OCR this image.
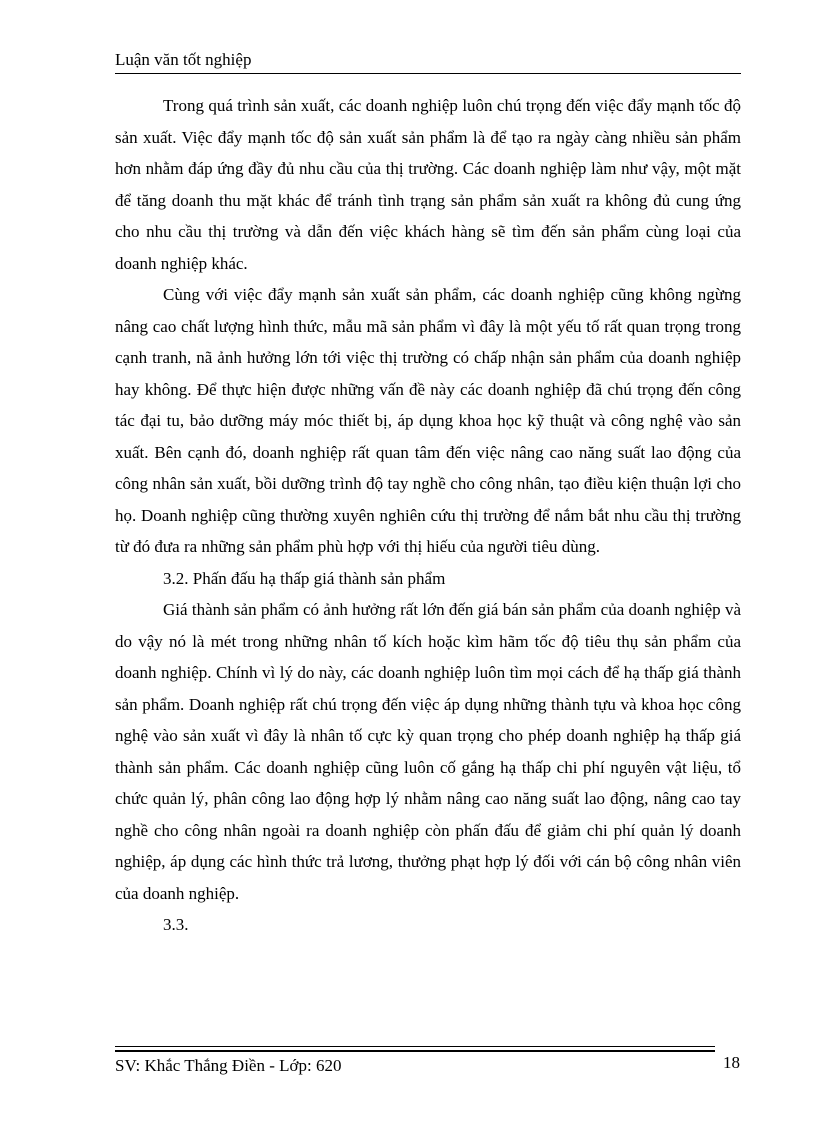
Luận văn tốt nghiệp

Trong quá trình sản xuất, các doanh nghiệp luôn chú trọng đến việc đẩy mạnh tốc độ sản xuất. Việc đẩy mạnh tốc độ sản xuất sản phẩm là để tạo ra ngày càng nhiều sản phẩm hơn nhằm đáp ứng đầy đủ nhu cầu của thị trường. Các doanh nghiệp làm như vậy, một mặt để tăng doanh thu mặt khác để tránh tình trạng sản phẩm sản xuất ra không đủ cung ứng cho nhu cầu thị trường và dẫn đến việc khách hàng sẽ tìm đến sản phẩm cùng loại của doanh nghiệp khác.

Cùng với việc đẩy mạnh sản xuất sản phẩm, các doanh nghiệp cũng không ngừng nâng cao chất lượng hình thức, mẫu mã sản phẩm vì đây là một yếu tố rất quan trọng trong cạnh tranh, nã ảnh hưởng lớn tới việc thị trường có chấp nhận sản phẩm của doanh nghiệp hay không. Để thực hiện được những vấn đề này các doanh nghiệp đã chú trọng đến công tác đại tu, bảo dưỡng máy móc thiết bị, áp dụng khoa học kỹ thuật và công nghệ vào sản xuất. Bên cạnh đó, doanh nghiệp rất quan tâm đến việc nâng cao năng suất lao động của công nhân sản xuất, bồi dưỡng trình độ tay nghề cho công nhân, tạo điều kiện thuận lợi cho họ. Doanh nghiệp cũng thường xuyên nghiên cứu thị trường để nắm bắt nhu cầu thị trường từ đó đưa ra những sản phẩm phù hợp với thị hiếu của người tiêu dùng.

3.2. Phấn đấu hạ thấp giá thành sản phẩm

Giá thành sản phẩm có ảnh hưởng rất lớn đến giá bán sản phẩm của doanh nghiệp và do vậy nó là mét trong những nhân tố kích hoặc kìm hãm tốc độ tiêu thụ sản phẩm của doanh nghiệp. Chính vì lý do này, các doanh nghiệp luôn tìm mọi cách để hạ thấp giá thành sản phẩm. Doanh nghiệp rất chú trọng đến việc áp dụng những thành tựu và khoa học công nghệ vào sản xuất vì đây là nhân tố cực kỳ quan trọng cho phép doanh nghiệp hạ thấp giá thành sản phẩm. Các doanh nghiệp cũng luôn cố gắng hạ thấp chi phí nguyên vật liệu, tổ chức quản lý, phân công lao động hợp lý nhằm nâng cao năng suất lao động, nâng cao tay nghề cho công nhân ngoài ra doanh nghiệp còn phấn đấu để giảm chi phí quản lý doanh nghiệp, áp dụng các hình thức trả lương, thưởng phạt hợp lý đối với cán bộ công nhân viên của doanh nghiệp.

3.3.

SV: Khắc Thắng Điền - Lớp: 620	18
